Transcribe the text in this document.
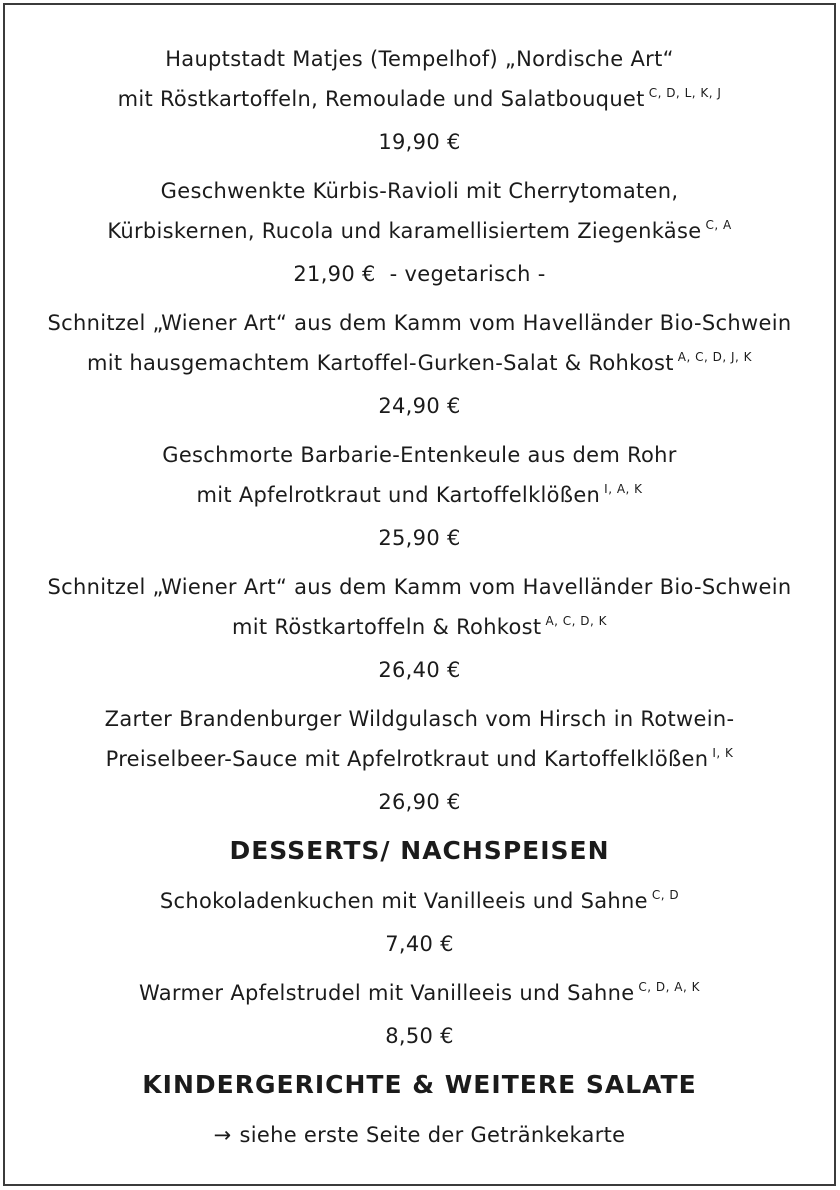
Hauptstadt Matjes (Tempelhof) „Nordische Art“
mit Röstkartoffeln, Remoulade und Salatbouquet C, D, L, K, J
19,90 €
Geschwenkte Kürbis-Ravioli mit Cherrytomaten,
Kürbiskernen, Rucola und karamellisiertem Ziegenkäse C, A
21,90 € - vegetarisch -
Schnitzel „Wiener Art“ aus dem Kamm vom Havelländer Bio-Schwein
mit hausgemachtem Kartoffel-Gurken-Salat & Rohkost A, C, D, J, K
24,90 €
Geschmorte Barbarie-Entenkeule aus dem Rohr
mit Apfelrotkraut und Kartoffelklößen I, A, K
25,90 €
Schnitzel „Wiener Art“ aus dem Kamm vom Havelländer Bio-Schwein
mit Röstkartoffeln & Rohkost A, C, D, K
26,40 €
Zarter Brandenburger Wildgulasch vom Hirsch in Rotwein-
Preiselbeer-Sauce mit Apfelrotkraut und Kartoffelklößen I, K
26,90 €
DESSERTS/ NACHSPEISEN
Schokoladenkuchen mit Vanilleeis und Sahne C, D
7,40 €
Warmer Apfelstrudel mit Vanilleeis und Sahne C, D, A, K
8,50 €
KINDERGERICHTE & WEITERE SALATE
→ siehe erste Seite der Getränkekarte
